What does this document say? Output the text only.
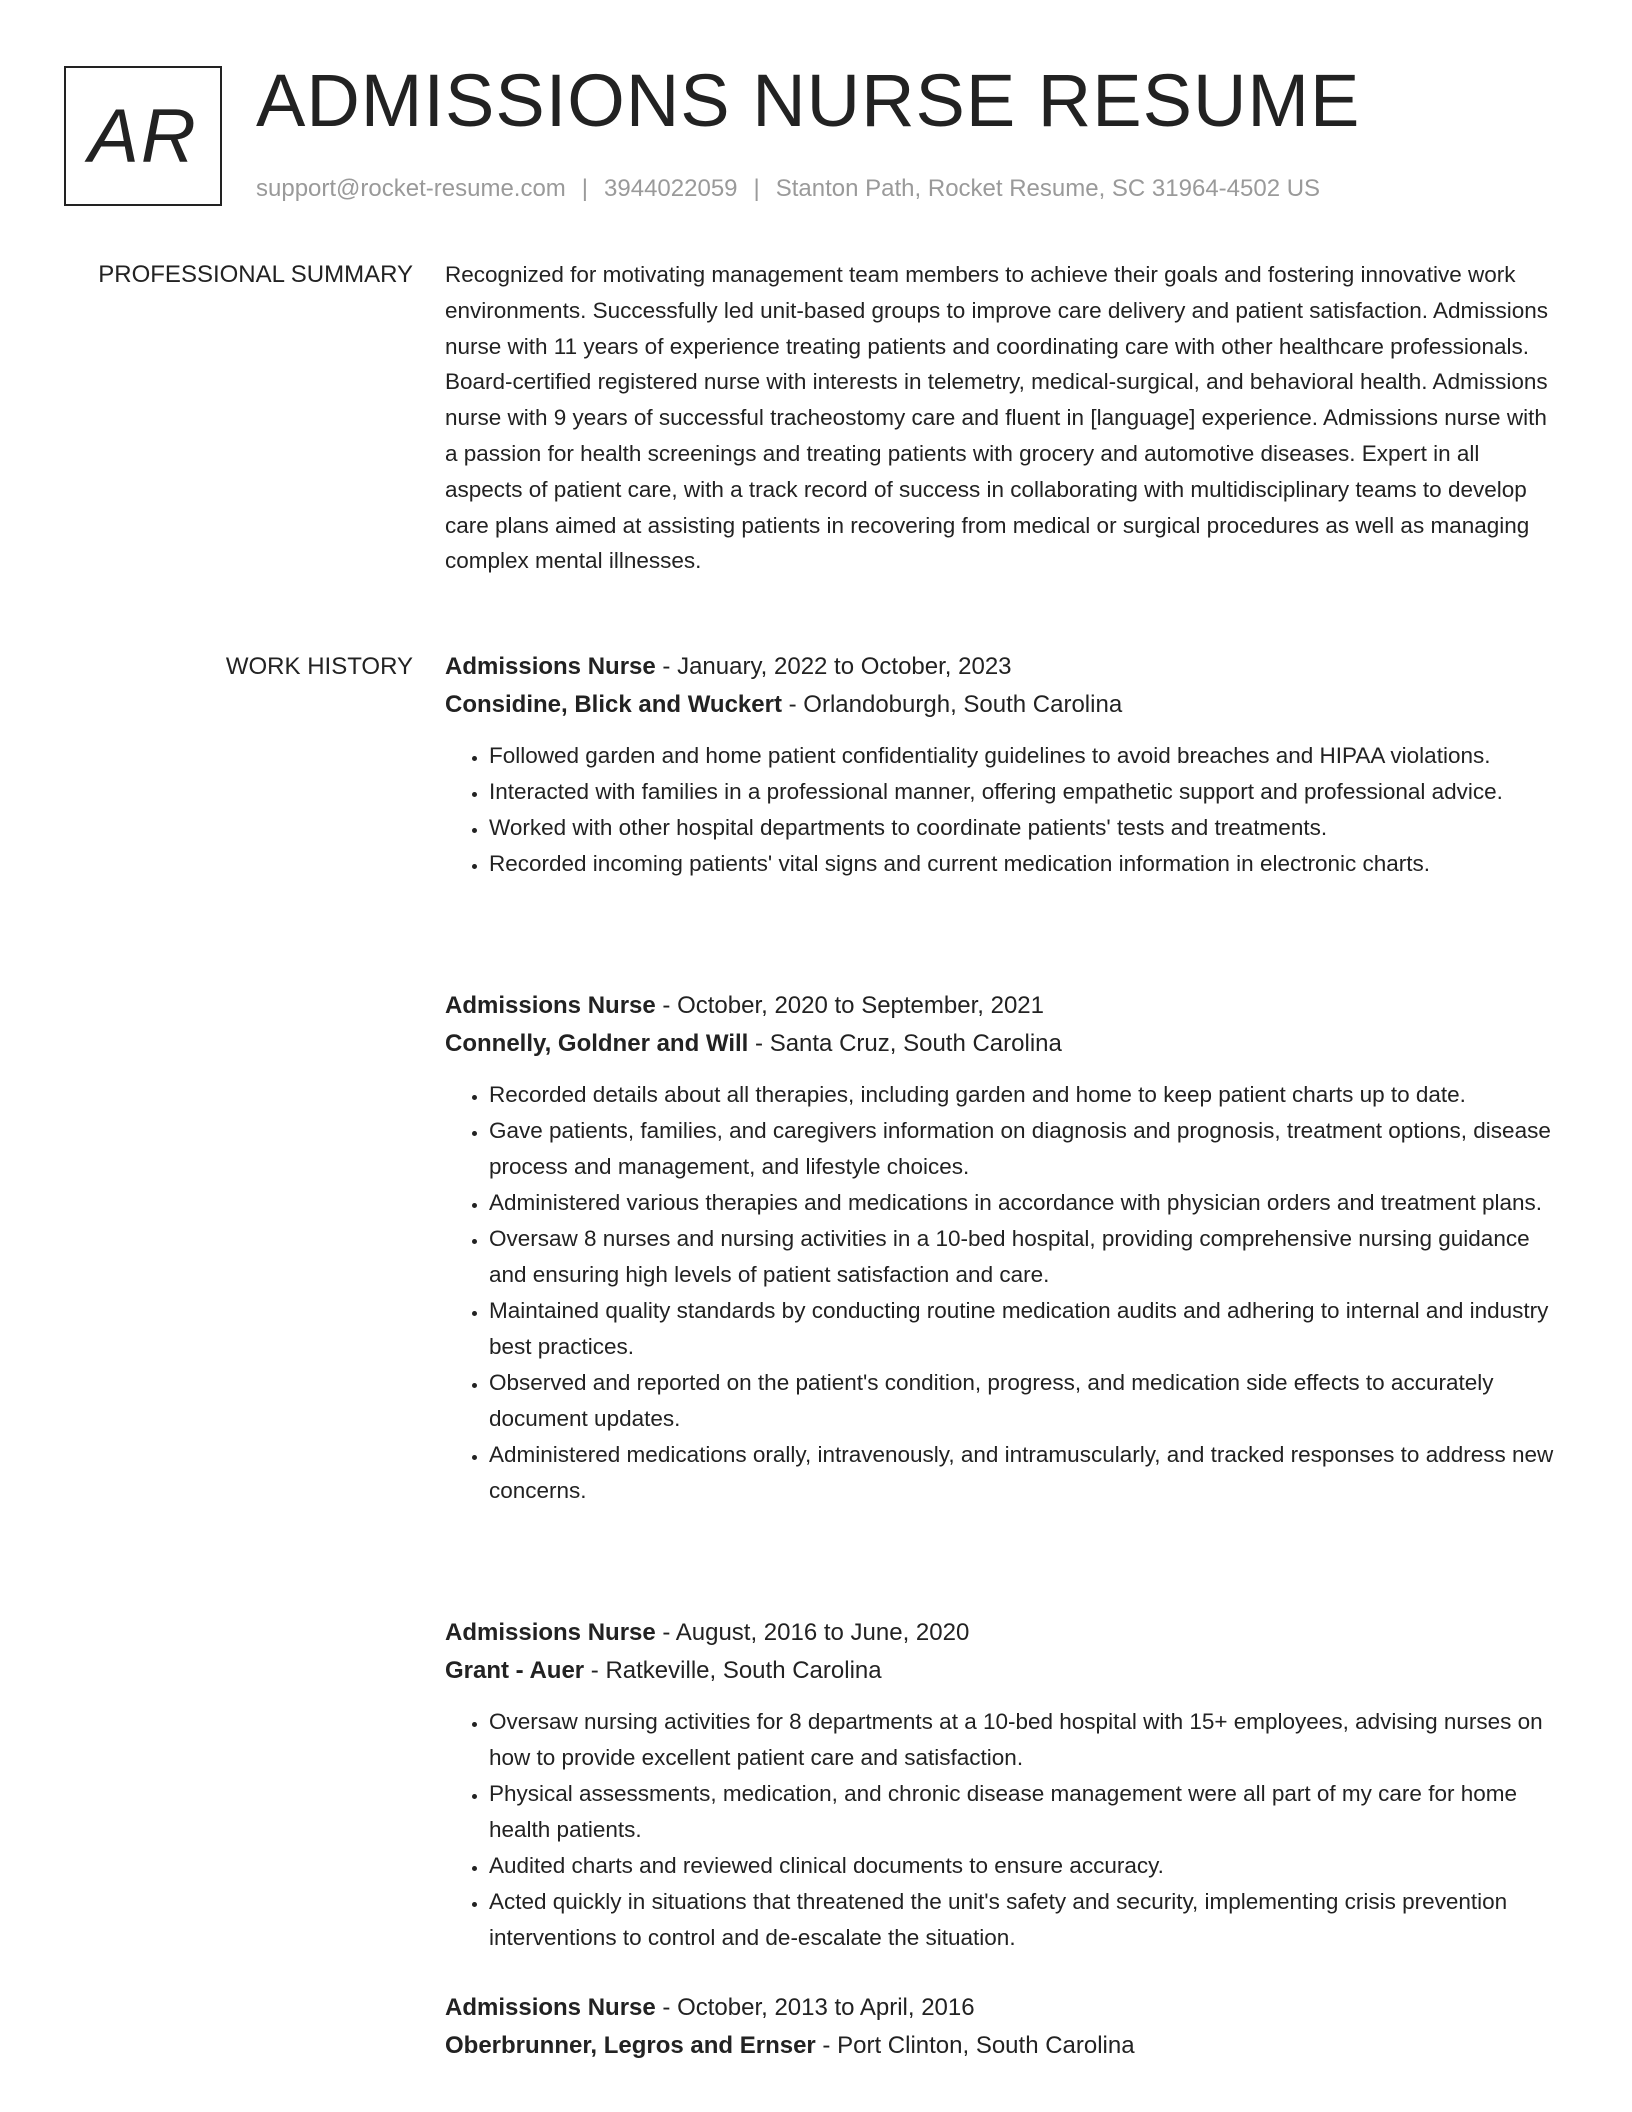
AR ADMISSIONS NURSE RESUME
support@rocket-resume.com | 3944022059 | Stanton Path, Rocket Resume, SC 31964-4502 US
PROFESSIONAL SUMMARY Recognized for motivating management team members to achieve their goals and fostering innovative work environments. Successfully led unit-based groups to improve care delivery and patient satisfaction. Admissions nurse with 11 years of experience treating patients and coordinating care with other healthcare professionals. Board-certified registered nurse with interests in telemetry, medical-surgical, and behavioral health. Admissions nurse with 9 years of successful tracheostomy care and fluent in [language] experience. Admissions nurse with a passion for health screenings and treating patients with grocery and automotive diseases. Expert in all aspects of patient care, with a track record of success in collaborating with multidisciplinary teams to develop care plans aimed at assisting patients in recovering from medical or surgical procedures as well as managing complex mental illnesses.

WORK HISTORY Admissions Nurse - January, 2022 to October, 2023
Considine, Blick and Wuckert - Orlandoburgh, South Carolina
• Followed garden and home patient confidentiality guidelines to avoid breaches and HIPAA violations.
• Interacted with families in a professional manner, offering empathetic support and professional advice.
• Worked with other hospital departments to coordinate patients' tests and treatments.
• Recorded incoming patients' vital signs and current medication information in electronic charts.
Admissions Nurse - October, 2020 to September, 2021
Connelly, Goldner and Will - Santa Cruz, South Carolina
• Recorded details about all therapies, including garden and home to keep patient charts up to date.
• Gave patients, families, and caregivers information on diagnosis and prognosis, treatment options, disease process and management, and lifestyle choices.
• Administered various therapies and medications in accordance with physician orders and treatment plans.
• Oversaw 8 nurses and nursing activities in a 10-bed hospital, providing comprehensive nursing guidance and ensuring high levels of patient satisfaction and care.
• Maintained quality standards by conducting routine medication audits and adhering to internal and industry best practices.
• Observed and reported on the patient's condition, progress, and medication side effects to accurately document updates.
• Administered medications orally, intravenously, and intramuscularly, and tracked responses to address new concerns.
Admissions Nurse - August, 2016 to June, 2020
Grant - Auer - Ratkeville, South Carolina
• Oversaw nursing activities for 8 departments at a 10-bed hospital with 15+ employees, advising nurses on how to provide excellent patient care and satisfaction.
• Physical assessments, medication, and chronic disease management were all part of my care for home health patients.
• Audited charts and reviewed clinical documents to ensure accuracy.
• Acted quickly in situations that threatened the unit's safety and security, implementing crisis prevention interventions to control and de-escalate the situation.
Admissions Nurse - October, 2013 to April, 2016
Oberbrunner, Legros and Ernser - Port Clinton, South Carolina
